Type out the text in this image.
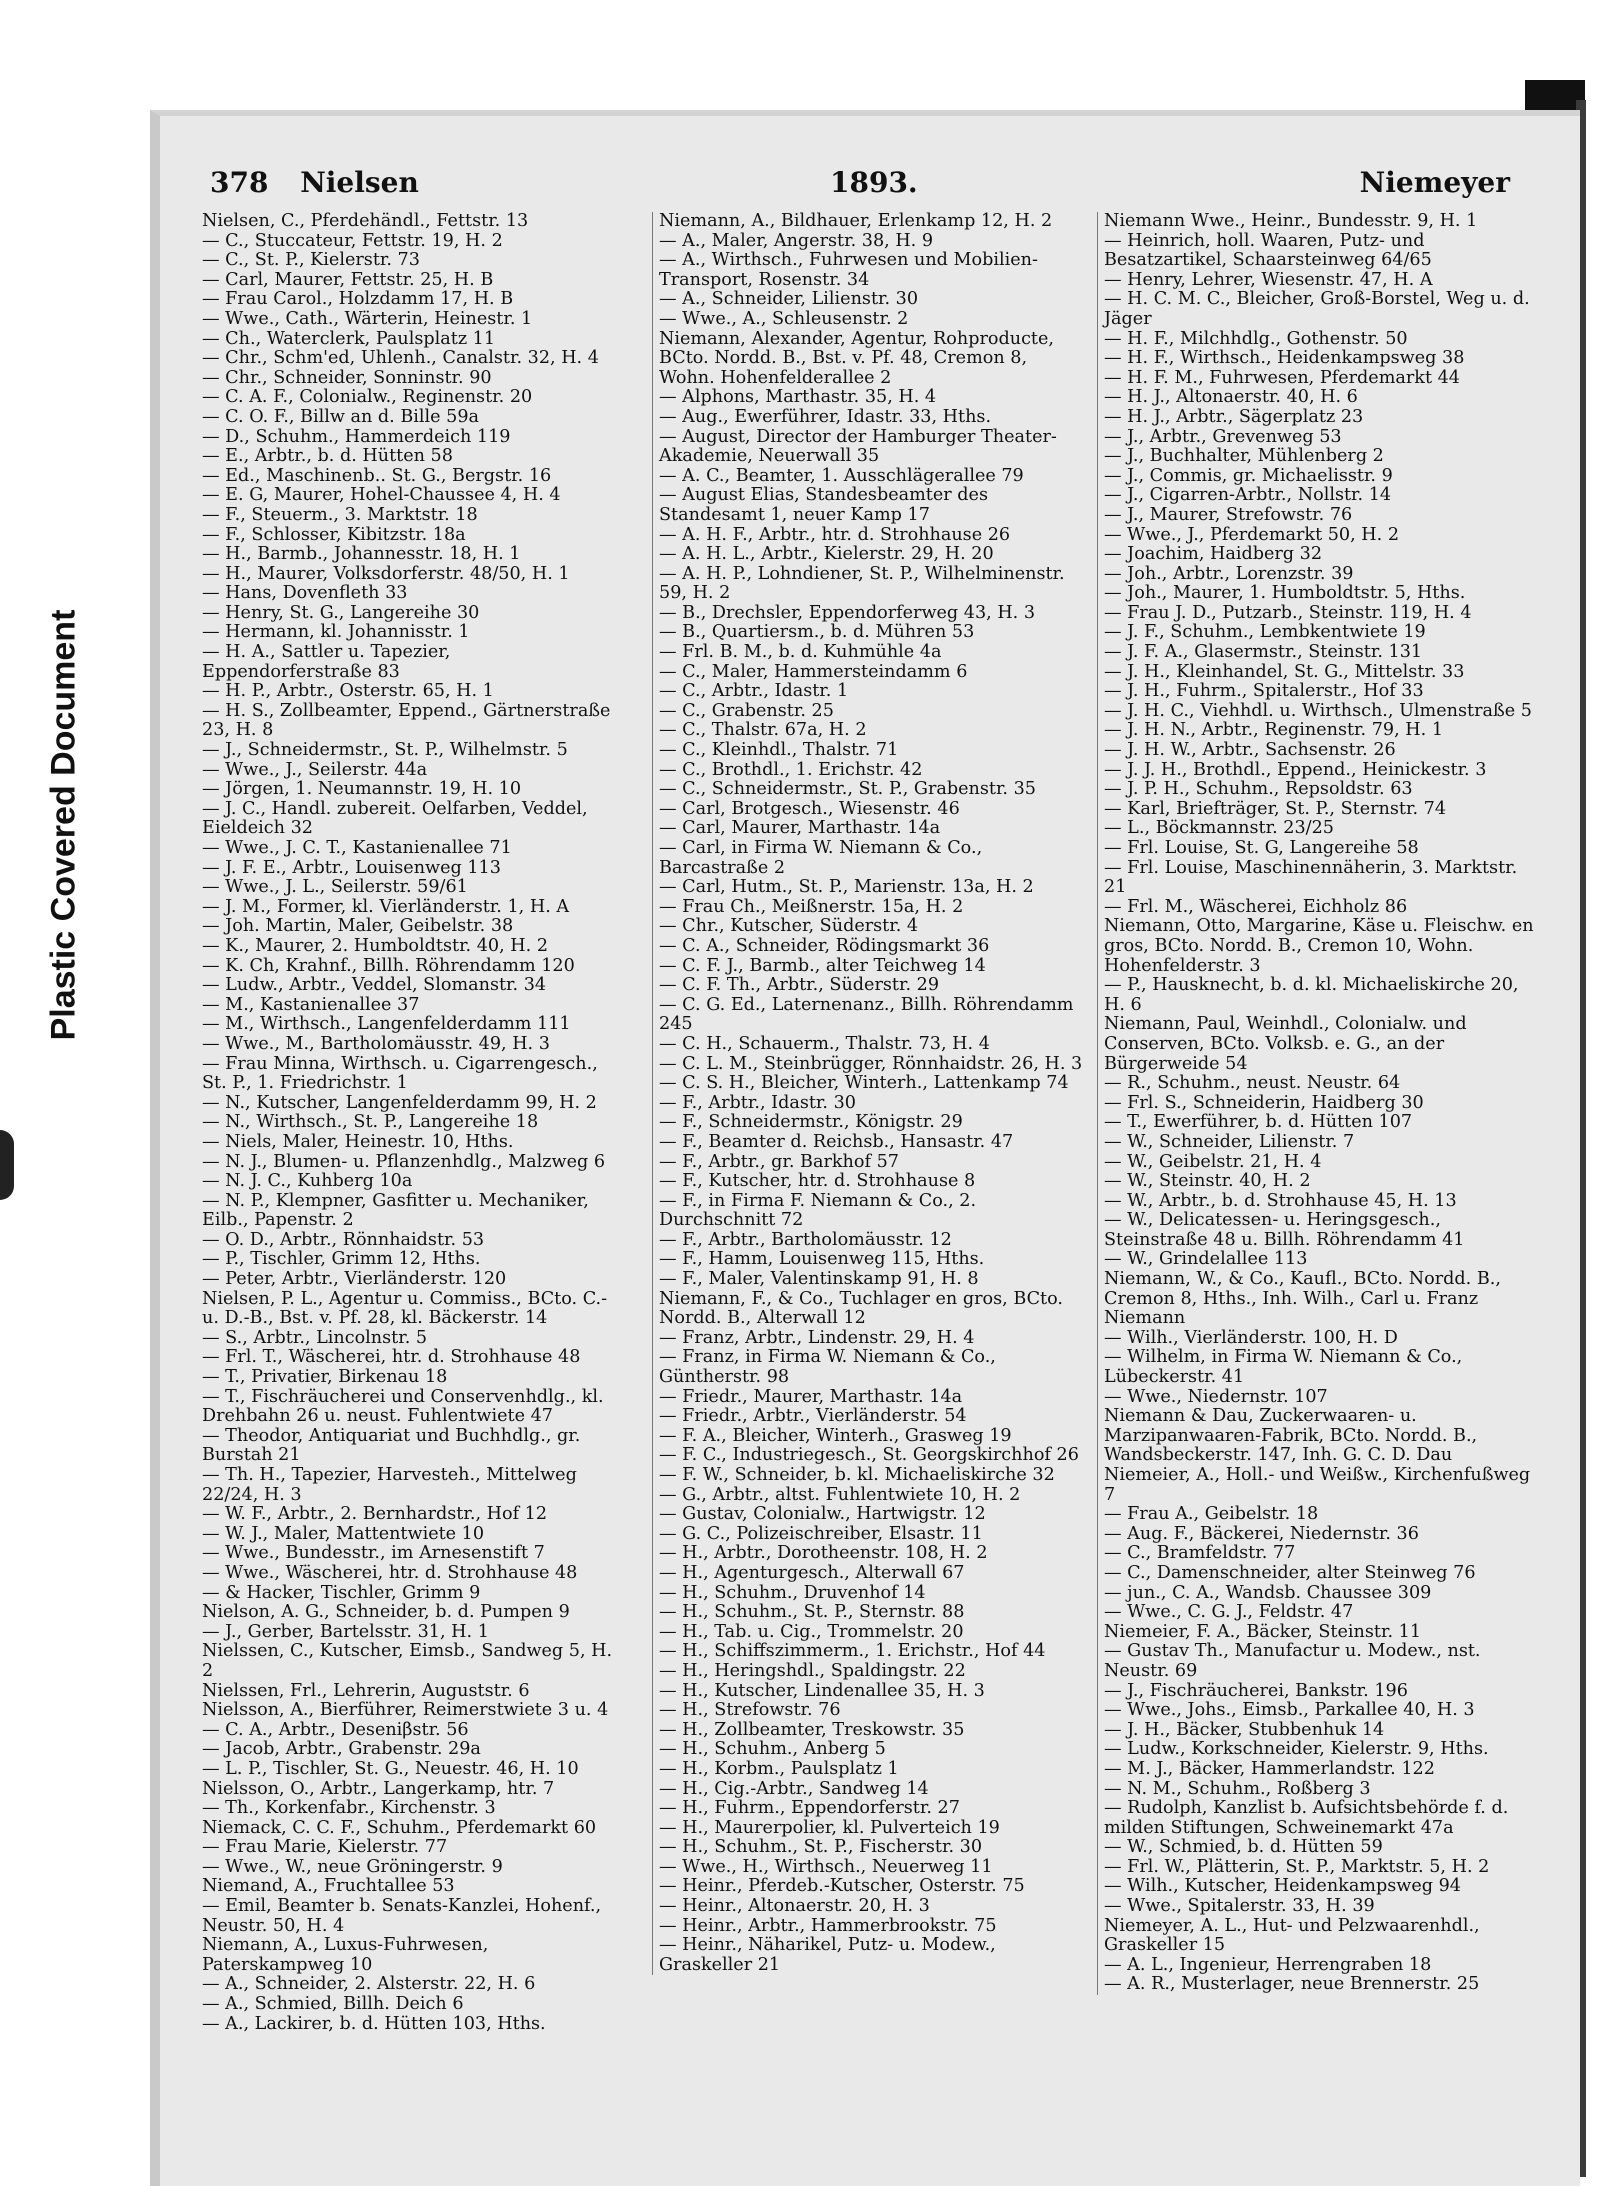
Plastic Covered Document
378 Nielsen	1893.	Niemeyer
Nielsen, C., Pferdehändl., Fettstr. 13
— C., Stuccateur, Fettstr. 19, H. 2
— C., St. P., Kielerstr. 73
— Carl, Maurer, Fettstr. 25, H. B
— Frau Carol., Holzdamm 17, H. B
— Wwe., Cath., Wärterin, Heinestr. 1
— Ch., Waterclerk, Paulsplatz 11
— Chr., Schm'ed, Uhlenh., Canalstr. 32, H. 4
— Chr., Schneider, Sonninstr. 90
— C. A. F., Colonialw., Reginenstr. 20
— C. O. F., Billw an d. Bille 59a
— D., Schuhm., Hammerdeich 119
— E., Arbtr., b. d. Hütten 58
— Ed., Maschinenb.. St. G., Bergstr. 16
— E. G, Maurer, Hohel-Chaussee 4, H. 4
— F., Steuerm., 3. Marktstr. 18
— F., Schlosser, Kibitzstr. 18a
— H., Barmb., Johannesstr. 18, H. 1
— H., Maurer, Volksdorferstr. 48/50, H. 1
— Hans, Dovenfleth 33
— Henry, St. G., Langereihe 30
— Hermann, kl. Johannisstr. 1
— H. A., Sattler u. Tapezier, Eppendorferstraße 83
— H. P., Arbtr., Osterstr. 65, H. 1
— H. S., Zollbeamter, Eppend., Gärtnerstraße 23, H. 8
— J., Schneidermstr., St. P., Wilhelmstr. 5
— Wwe., J., Seilerstr. 44a
— Jörgen, 1. Neumannstr. 19, H. 10
— J. C., Handl. zubereit. Oelfarben, Veddel, Eieldeich 32
— Wwe., J. C. T., Kastanienallee 71
— J. F. E., Arbtr., Louisenweg 113
— Wwe., J. L., Seilerstr. 59/61
— J. M., Former, kl. Vierländerstr. 1, H. A
— Joh. Martin, Maler, Geibelstr. 38
— K., Maurer, 2. Humboldtstr. 40, H. 2
— K. Ch, Krahnf., Billh. Röhrendamm 120
— Ludw., Arbtr., Veddel, Slomanstr. 34
— M., Kastanienallee 37
— M., Wirthsch., Langenfelderdamm 111
— Wwe., M., Bartholomäusstr. 49, H. 3
— Frau Minna, Wirthsch. u. Cigarrengesch., St. P., 1. Friedrichstr. 1
— N., Kutscher, Langenfelderdamm 99, H. 2
— N., Wirthsch., St. P., Langereihe 18
— Niels, Maler, Heinestr. 10, Hths.
— N. J., Blumen- u. Pflanzenhdlg., Malzweg 6
— N. J. C., Kuhberg 10a
— N. P., Klempner, Gasfitter u. Mechaniker, Eilb., Papenstr. 2
— O. D., Arbtr., Rönnhaidstr. 53
— P., Tischler, Grimm 12, Hths.
— Peter, Arbtr., Vierländerstr. 120
Nielsen, P. L., Agentur u. Commiss., BCto. C.- u. D.-B., Bst. v. Pf. 28, kl. Bäckerstr. 14
— S., Arbtr., Lincolnstr. 5
— Frl. T., Wäscherei, htr. d. Strohhause 48
— T., Privatier, Birkenau 18
— T., Fischräucherei und Conservenhdlg., kl. Drehbahn 26 u. neust. Fuhlentwiete 47
— Theodor, Antiquariat und Buchhdlg., gr. Burstah 21
— Th. H., Tapezier, Harvesteh., Mittelweg 22/24, H. 3
— W. F., Arbtr., 2. Bernhardstr., Hof 12
— W. J., Maler, Mattentwiete 10
— Wwe., Bundesstr., im Arnesenstift 7
— Wwe., Wäscherei, htr. d. Strohhause 48
— & Hacker, Tischler, Grimm 9
Nielson, A. G., Schneider, b. d. Pumpen 9
— J., Gerber, Bartelsstr. 31, H. 1
Nielssen, C., Kutscher, Eimsb., Sandweg 5, H. 2
Nielssen, Frl., Lehrerin, Auguststr. 6
Nielsson, A., Bierführer, Reimerstwiete 3 u. 4
— C. A., Arbtr., Deseniβstr. 56
— Jacob, Arbtr., Grabenstr. 29a
— L. P., Tischler, St. G., Neuestr. 46, H. 10
Nielsson, O., Arbtr., Langerkamp, htr. 7
— Th., Korkenfabr., Kirchenstr. 3
Niemack, C. C. F., Schuhm., Pferdemarkt 60
— Frau Marie, Kielerstr. 77
— Wwe., W., neue Gröningerstr. 9
Niemand, A., Fruchtallee 53
— Emil, Beamter b. Senats-Kanzlei, Hohenf., Neustr. 50, H. 4
Niemann, A., Luxus-Fuhrwesen, Paterskampweg 10
— A., Schneider, 2. Alsterstr. 22, H. 6
— A., Schmied, Billh. Deich 6
— A., Lackirer, b. d. Hütten 103, Hths.
Niemann, A., Bildhauer, Erlenkamp 12, H. 2
— A., Maler, Angerstr. 38, H. 9
— A., Wirthsch., Fuhrwesen und Mobilien-Transport, Rosenstr. 34
— A., Schneider, Lilienstr. 30
— Wwe., A., Schleusenstr. 2
Niemann, Alexander, Agentur, Rohproducte, BCto. Nordd. B., Bst. v. Pf. 48, Cremon 8, Wohn. Hohenfelderallee 2
— Alphons, Marthastr. 35, H. 4
— Aug., Ewerführer, Idastr. 33, Hths.
— August, Director der Hamburger Theater-Akademie, Neuerwall 35
— A. C., Beamter, 1. Ausschlägerallee 79
— August Elias, Standesbeamter des Standesamt 1, neuer Kamp 17
— A. H. F., Arbtr., htr. d. Strohhause 26
— A. H. L., Arbtr., Kielerstr. 29, H. 20
— A. H. P., Lohndiener, St. P., Wilhelminenstr. 59, H. 2
— B., Drechsler, Eppendorferweg 43, H. 3
— B., Quartiersm., b. d. Mühren 53
— Frl. B. M., b. d. Kuhmühle 4a
— C., Maler, Hammersteindamm 6
— C., Arbtr., Idastr. 1
— C., Grabenstr. 25
— C., Thalstr. 67a, H. 2
— C., Kleinhdl., Thalstr. 71
— C., Brothdl., 1. Erichstr. 42
— C., Schneidermstr., St. P., Grabenstr. 35
— Carl, Brotgesch., Wiesenstr. 46
— Carl, Maurer, Marthastr. 14a
— Carl, in Firma W. Niemann & Co., Barcastraße 2
— Carl, Hutm., St. P., Marienstr. 13a, H. 2
— Frau Ch., Meißnerstr. 15a, H. 2
— Chr., Kutscher, Süderstr. 4
— C. A., Schneider, Rödingsmarkt 36
— C. F. J., Barmb., alter Teichweg 14
— C. F. Th., Arbtr., Süderstr. 29
— C. G. Ed., Laternenanz., Billh. Röhrendamm 245
— C. H., Schauerm., Thalstr. 73, H. 4
— C. L. M., Steinbrügger, Rönnhaidstr. 26, H. 3
— C. S. H., Bleicher, Winterh., Lattenkamp 74
— F., Arbtr., Idastr. 30
— F., Schneidermstr., Königstr. 29
— F., Beamter d. Reichsb., Hansastr. 47
— F., Arbtr., gr. Barkhof 57
— F., Kutscher, htr. d. Strohhause 8
— F., in Firma F. Niemann & Co., 2. Durchschnitt 72
— F., Arbtr., Bartholomäusstr. 12
— F., Hamm, Louisenweg 115, Hths.
— F., Maler, Valentinskamp 91, H. 8
Niemann, F., & Co., Tuchlager en gros, BCto. Nordd. B., Alterwall 12
— Franz, Arbtr., Lindenstr. 29, H. 4
— Franz, in Firma W. Niemann & Co., Güntherstr. 98
— Friedr., Maurer, Marthastr. 14a
— Friedr., Arbtr., Vierländerstr. 54
— F. A., Bleicher, Winterh., Grasweg 19
— F. C., Industriegesch., St. Georgskirchhof 26
— F. W., Schneider, b. kl. Michaeliskirche 32
— G., Arbtr., altst. Fuhlentwiete 10, H. 2
— Gustav, Colonialw., Hartwigstr. 12
— G. C., Polizeischreiber, Elsastr. 11
— H., Arbtr., Dorotheenstr. 108, H. 2
— H., Agenturgesch., Alterwall 67
— H., Schuhm., Druvenhof 14
— H., Schuhm., St. P., Sternstr. 88
— H., Tab. u. Cig., Trommelstr. 20
— H., Schiffszimmerm., 1. Erichstr., Hof 44
— H., Heringshdl., Spaldingstr. 22
— H., Kutscher, Lindenallee 35, H. 3
— H., Strefowstr. 76
— H., Zollbeamter, Treskowstr. 35
— H., Schuhm., Anberg 5
— H., Korbm., Paulsplatz 1
— H., Cig.-Arbtr., Sandweg 14
— H., Fuhrm., Eppendorferstr. 27
— H., Maurerpolier, kl. Pulverteich 19
— H., Schuhm., St. P., Fischerstr. 30
— Wwe., H., Wirthsch., Neuerweg 11
— Heinr., Pferdeb.-Kutscher, Osterstr. 75
— Heinr., Altonaerstr. 20, H. 3
— Heinr., Arbtr., Hammerbrookstr. 75
— Heinr., Näharikel, Putz- u. Modew., Graskeller 21
Niemann Wwe., Heinr., Bundesstr. 9, H. 1
— Heinrich, holl. Waaren, Putz- und Besatzartikel, Schaarsteinweg 64/65
— Henry, Lehrer, Wiesenstr. 47, H. A
— H. C. M. C., Bleicher, Groß-Borstel, Weg u. d. Jäger
— H. F., Milchhdlg., Gothenstr. 50
— H. F., Wirthsch., Heidenkampsweg 38
— H. F. M., Fuhrwesen, Pferdemarkt 44
— H. J., Altonaerstr. 40, H. 6
— H. J., Arbtr., Sägerplatz 23
— J., Arbtr., Grevenweg 53
— J., Buchhalter, Mühlenberg 2
— J., Commis, gr. Michaelisstr. 9
— J., Cigarren-Arbtr., Nollstr. 14
— J., Maurer, Strefowstr. 76
— Wwe., J., Pferdemarkt 50, H. 2
— Joachim, Haidberg 32
— Joh., Arbtr., Lorenzstr. 39
— Joh., Maurer, 1. Humboldtstr. 5, Hths.
— Frau J. D., Putzarb., Steinstr. 119, H. 4
— J. F., Schuhm., Lembkentwiete 19
— J. F. A., Glasermstr., Steinstr. 131
— J. H., Kleinhandel, St. G., Mittelstr. 33
— J. H., Fuhrm., Spitalerstr., Hof 33
— J. H. C., Viehhdl. u. Wirthsch., Ulmenstraße 5
— J. H. N., Arbtr., Reginenstr. 79, H. 1
— J. H. W., Arbtr., Sachsenstr. 26
— J. J. H., Brothdl., Eppend., Heinickestr. 3
— J. P. H., Schuhm., Repsoldstr. 63
— Karl, Briefträger, St. P., Sternstr. 74
— L., Böckmannstr. 23/25
— Frl. Louise, St. G, Langereihe 58
— Frl. Louise, Maschinennäherin, 3. Marktstr. 21
— Frl. M., Wäscherei, Eichholz 86
Niemann, Otto, Margarine, Käse u. Fleischw. en gros, BCto. Nordd. B., Cremon 10, Wohn. Hohenfelderstr. 3
— P., Hausknecht, b. d. kl. Michaeliskirche 20, H. 6
Niemann, Paul, Weinhdl., Colonialw. und Conserven, BCto. Volksb. e. G., an der Bürgerweide 54
— R., Schuhm., neust. Neustr. 64
— Frl. S., Schneiderin, Haidberg 30
— T., Ewerführer, b. d. Hütten 107
— W., Schneider, Lilienstr. 7
— W., Geibelstr. 21, H. 4
— W., Steinstr. 40, H. 2
— W., Arbtr., b. d. Strohhause 45, H. 13
— W., Delicatessen- u. Heringsgesch., Steinstraße 48 u. Billh. Röhrendamm 41
— W., Grindelallee 113
Niemann, W., & Co., Kaufl., BCto. Nordd. B., Cremon 8, Hths., Inh. Wilh., Carl u. Franz Niemann
— Wilh., Vierländerstr. 100, H. D
— Wilhelm, in Firma W. Niemann & Co., Lübeckerstr. 41
— Wwe., Niedernstr. 107
Niemann & Dau, Zuckerwaaren- u. Marzipanwaaren-Fabrik, BCto. Nordd. B., Wandsbeckerstr. 147, Inh. G. C. D. Dau
Niemeier, A., Holl.- und Weißw., Kirchenfußweg 7
— Frau A., Geibelstr. 18
— Aug. F., Bäckerei, Niedernstr. 36
— C., Bramfeldstr. 77
— C., Damenschneider, alter Steinweg 76
— jun., C. A., Wandsb. Chaussee 309
— Wwe., C. G. J., Feldstr. 47
Niemeier, F. A., Bäcker, Steinstr. 11
— Gustav Th., Manufactur u. Modew., nst. Neustr. 69
— J., Fischräucherei, Bankstr. 196
— Wwe., Johs., Eimsb., Parkallee 40, H. 3
— J. H., Bäcker, Stubbenhuk 14
— Ludw., Korkschneider, Kielerstr. 9, Hths.
— M. J., Bäcker, Hammerlandstr. 122
— N. M., Schuhm., Roßberg 3
— Rudolph, Kanzlist b. Aufsichtsbehörde f. d. milden Stiftungen, Schweinemarkt 47a
— W., Schmied, b. d. Hütten 59
— Frl. W., Plätterin, St. P., Marktstr. 5, H. 2
— Wilh., Kutscher, Heidenkampsweg 94
— Wwe., Spitalerstr. 33, H. 39
Niemeyer, A. L., Hut- und Pelzwaarenhdl., Graskeller 15
— A. L., Ingenieur, Herrengraben 18
— A. R., Musterlager, neue Brennerstr. 25
